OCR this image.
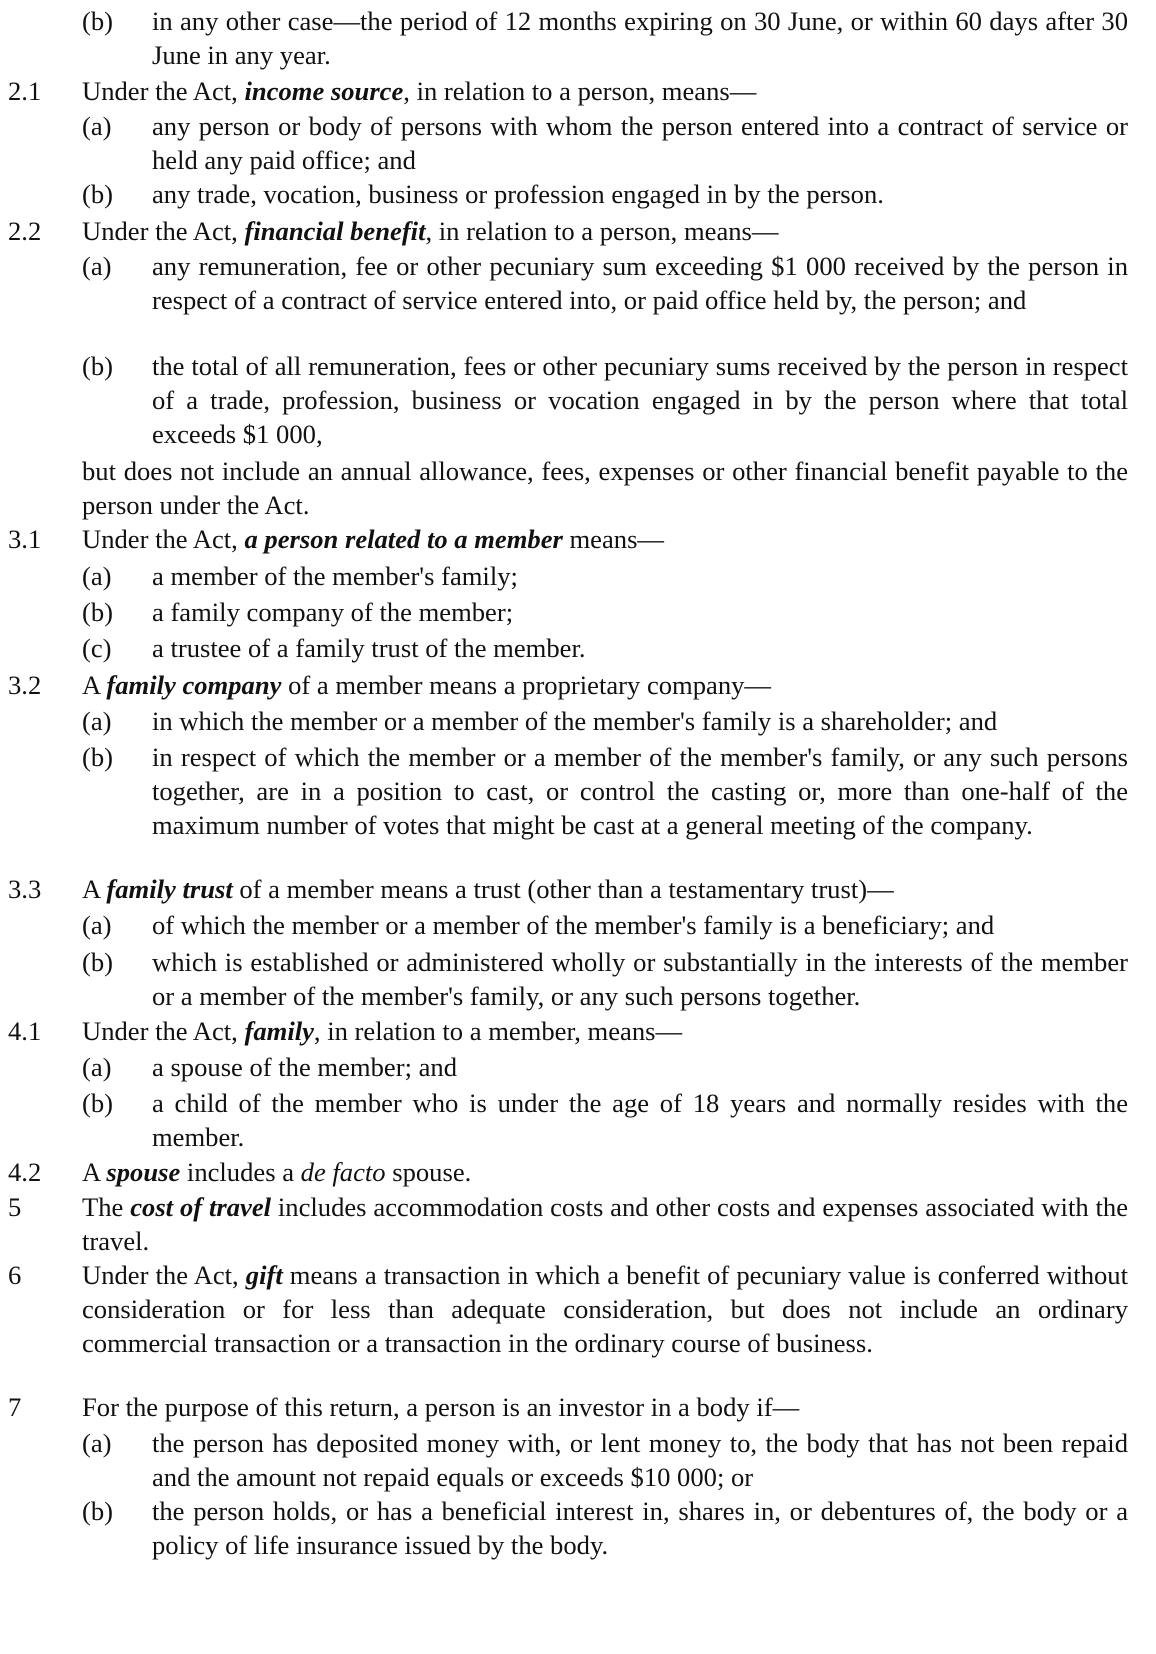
(b)	in any other case—the period of 12 months expiring on 30 June, or within 60 days after 30 June in any year.
2.1	Under the Act, income source, in relation to a person, means—
(a)	any person or body of persons with whom the person entered into a contract of service or held any paid office; and
(b)	any trade, vocation, business or profession engaged in by the person.
2.2	Under the Act, financial benefit, in relation to a person, means—
(a)	any remuneration, fee or other pecuniary sum exceeding $1 000 received by the person in respect of a contract of service entered into, or paid office held by, the person; and
(b)	the total of all remuneration, fees or other pecuniary sums received by the person in respect of a trade, profession, business or vocation engaged in by the person where that total exceeds $1 000,
but does not include an annual allowance, fees, expenses or other financial benefit payable to the person under the Act.
3.1	Under the Act, a person related to a member means—
(a)	a member of the member's family;
(b)	a family company of the member;
(c)	a trustee of a family trust of the member.
3.2	A family company of a member means a proprietary company—
(a)	in which the member or a member of the member's family is a shareholder; and
(b)	in respect of which the member or a member of the member's family, or any such persons together, are in a position to cast, or control the casting or, more than one-half of the maximum number of votes that might be cast at a general meeting of the company.
3.3	A family trust of a member means a trust (other than a testamentary trust)—
(a)	of which the member or a member of the member's family is a beneficiary; and
(b)	which is established or administered wholly or substantially in the interests of the member or a member of the member's family, or any such persons together.
4.1	Under the Act, family, in relation to a member, means—
(a)	a spouse of the member; and
(b)	a child of the member who is under the age of 18 years and normally resides with the member.
4.2	A spouse includes a de facto spouse.
5	The cost of travel includes accommodation costs and other costs and expenses associated with the travel.
6	Under the Act, gift means a transaction in which a benefit of pecuniary value is conferred without consideration or for less than adequate consideration, but does not include an ordinary commercial transaction or a transaction in the ordinary course of business.
7	For the purpose of this return, a person is an investor in a body if—
(a)	the person has deposited money with, or lent money to, the body that has not been repaid and the amount not repaid equals or exceeds $10 000; or
(b)	the person holds, or has a beneficial interest in, shares in, or debentures of, the body or a policy of life insurance issued by the body.
